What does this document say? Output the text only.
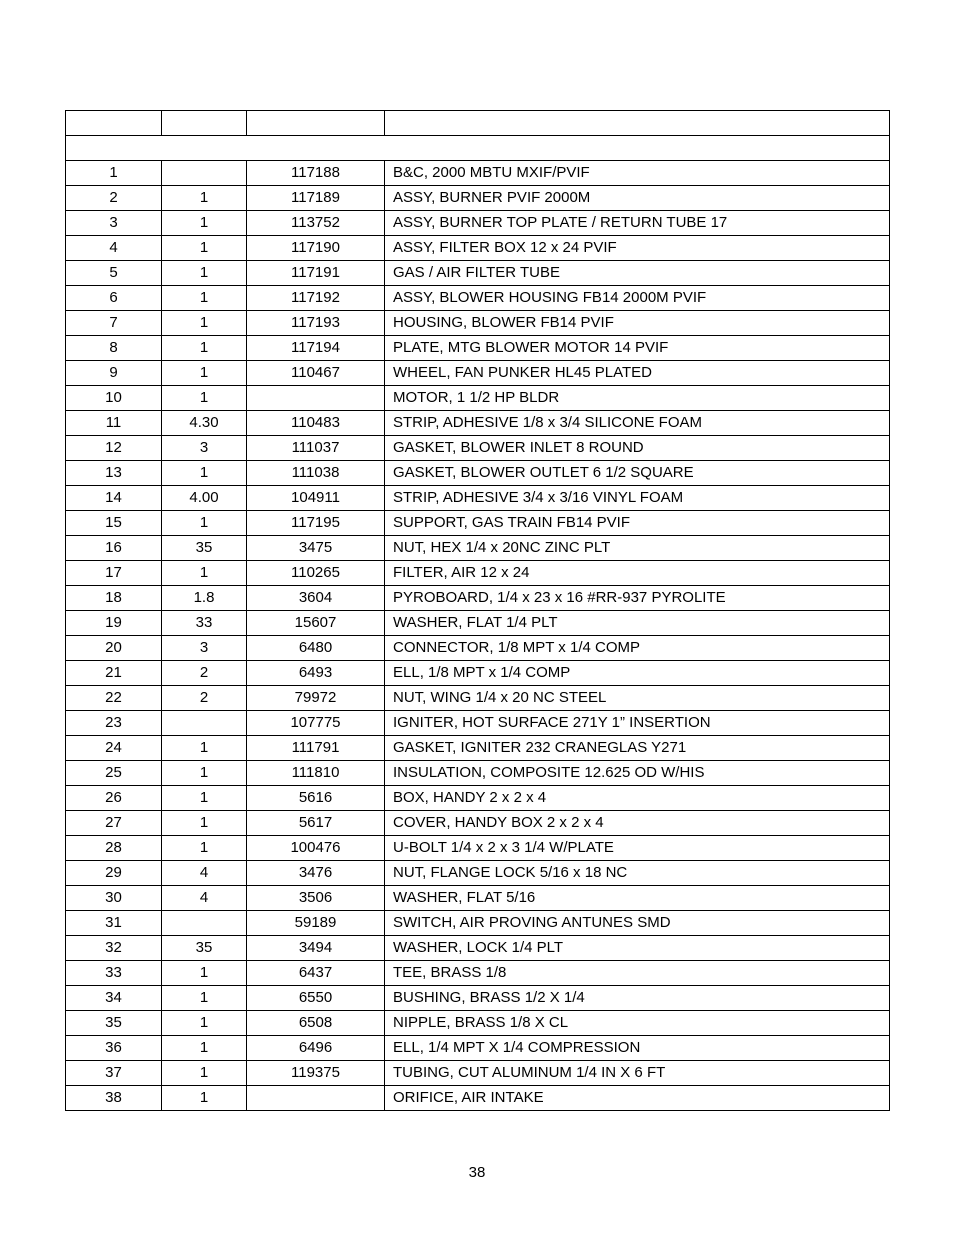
1		117188	B&C, 2000 MBTU MXIF/PVIF
2	1	117189	ASSY, BURNER PVIF 2000M
3	1	113752	ASSY, BURNER TOP PLATE / RETURN TUBE 17
4	1	117190	ASSY, FILTER BOX 12 x 24 PVIF
5	1	117191	GAS / AIR FILTER TUBE
6	1	117192	ASSY, BLOWER HOUSING FB14 2000M PVIF
7	1	117193	HOUSING, BLOWER FB14 PVIF
8	1	117194	PLATE, MTG BLOWER MOTOR 14 PVIF
9	1	110467	WHEEL, FAN PUNKER HL45 PLATED
10	1		MOTOR, 1 1/2 HP BLDR
11	4.30	110483	STRIP, ADHESIVE 1/8 x 3/4 SILICONE FOAM
12	3	111037	GASKET, BLOWER INLET 8 ROUND
13	1	111038	GASKET, BLOWER OUTLET 6 1/2 SQUARE
14	4.00	104911	STRIP, ADHESIVE 3/4 x 3/16 VINYL FOAM
15	1	117195	SUPPORT, GAS TRAIN FB14 PVIF
16	35	3475	NUT, HEX 1/4 x 20NC ZINC PLT
17	1	110265	FILTER, AIR 12 x 24
18	1.8	3604	PYROBOARD, 1/4 x 23 x 16 #RR-937 PYROLITE
19	33	15607	WASHER, FLAT 1/4 PLT
20	3	6480	CONNECTOR, 1/8 MPT x 1/4 COMP
21	2	6493	ELL, 1/8 MPT x 1/4 COMP
22	2	79972	NUT, WING 1/4 x 20 NC STEEL
23		107775	IGNITER, HOT SURFACE 271Y 1” INSERTION
24	1	111791	GASKET, IGNITER 232 CRANEGLAS Y271
25	1	111810	INSULATION, COMPOSITE 12.625 OD W/HIS
26	1	5616	BOX, HANDY 2 x 2 x 4
27	1	5617	COVER, HANDY BOX 2 x 2 x 4
28	1	100476	U-BOLT 1/4 x 2 x 3 1/4 W/PLATE
29	4	3476	NUT, FLANGE LOCK 5/16 x 18 NC
30	4	3506	WASHER, FLAT 5/16
31		59189	SWITCH, AIR PROVING ANTUNES SMD
32	35	3494	WASHER, LOCK 1/4 PLT
33	1	6437	TEE, BRASS 1/8
34	1	6550	BUSHING, BRASS 1/2 X 1/4
35	1	6508	NIPPLE, BRASS 1/8 X CL
36	1	6496	ELL, 1/4 MPT X 1/4 COMPRESSION
37	1	119375	TUBING, CUT ALUMINUM 1/4 IN X 6 FT
38	1		ORIFICE, AIR INTAKE
38
